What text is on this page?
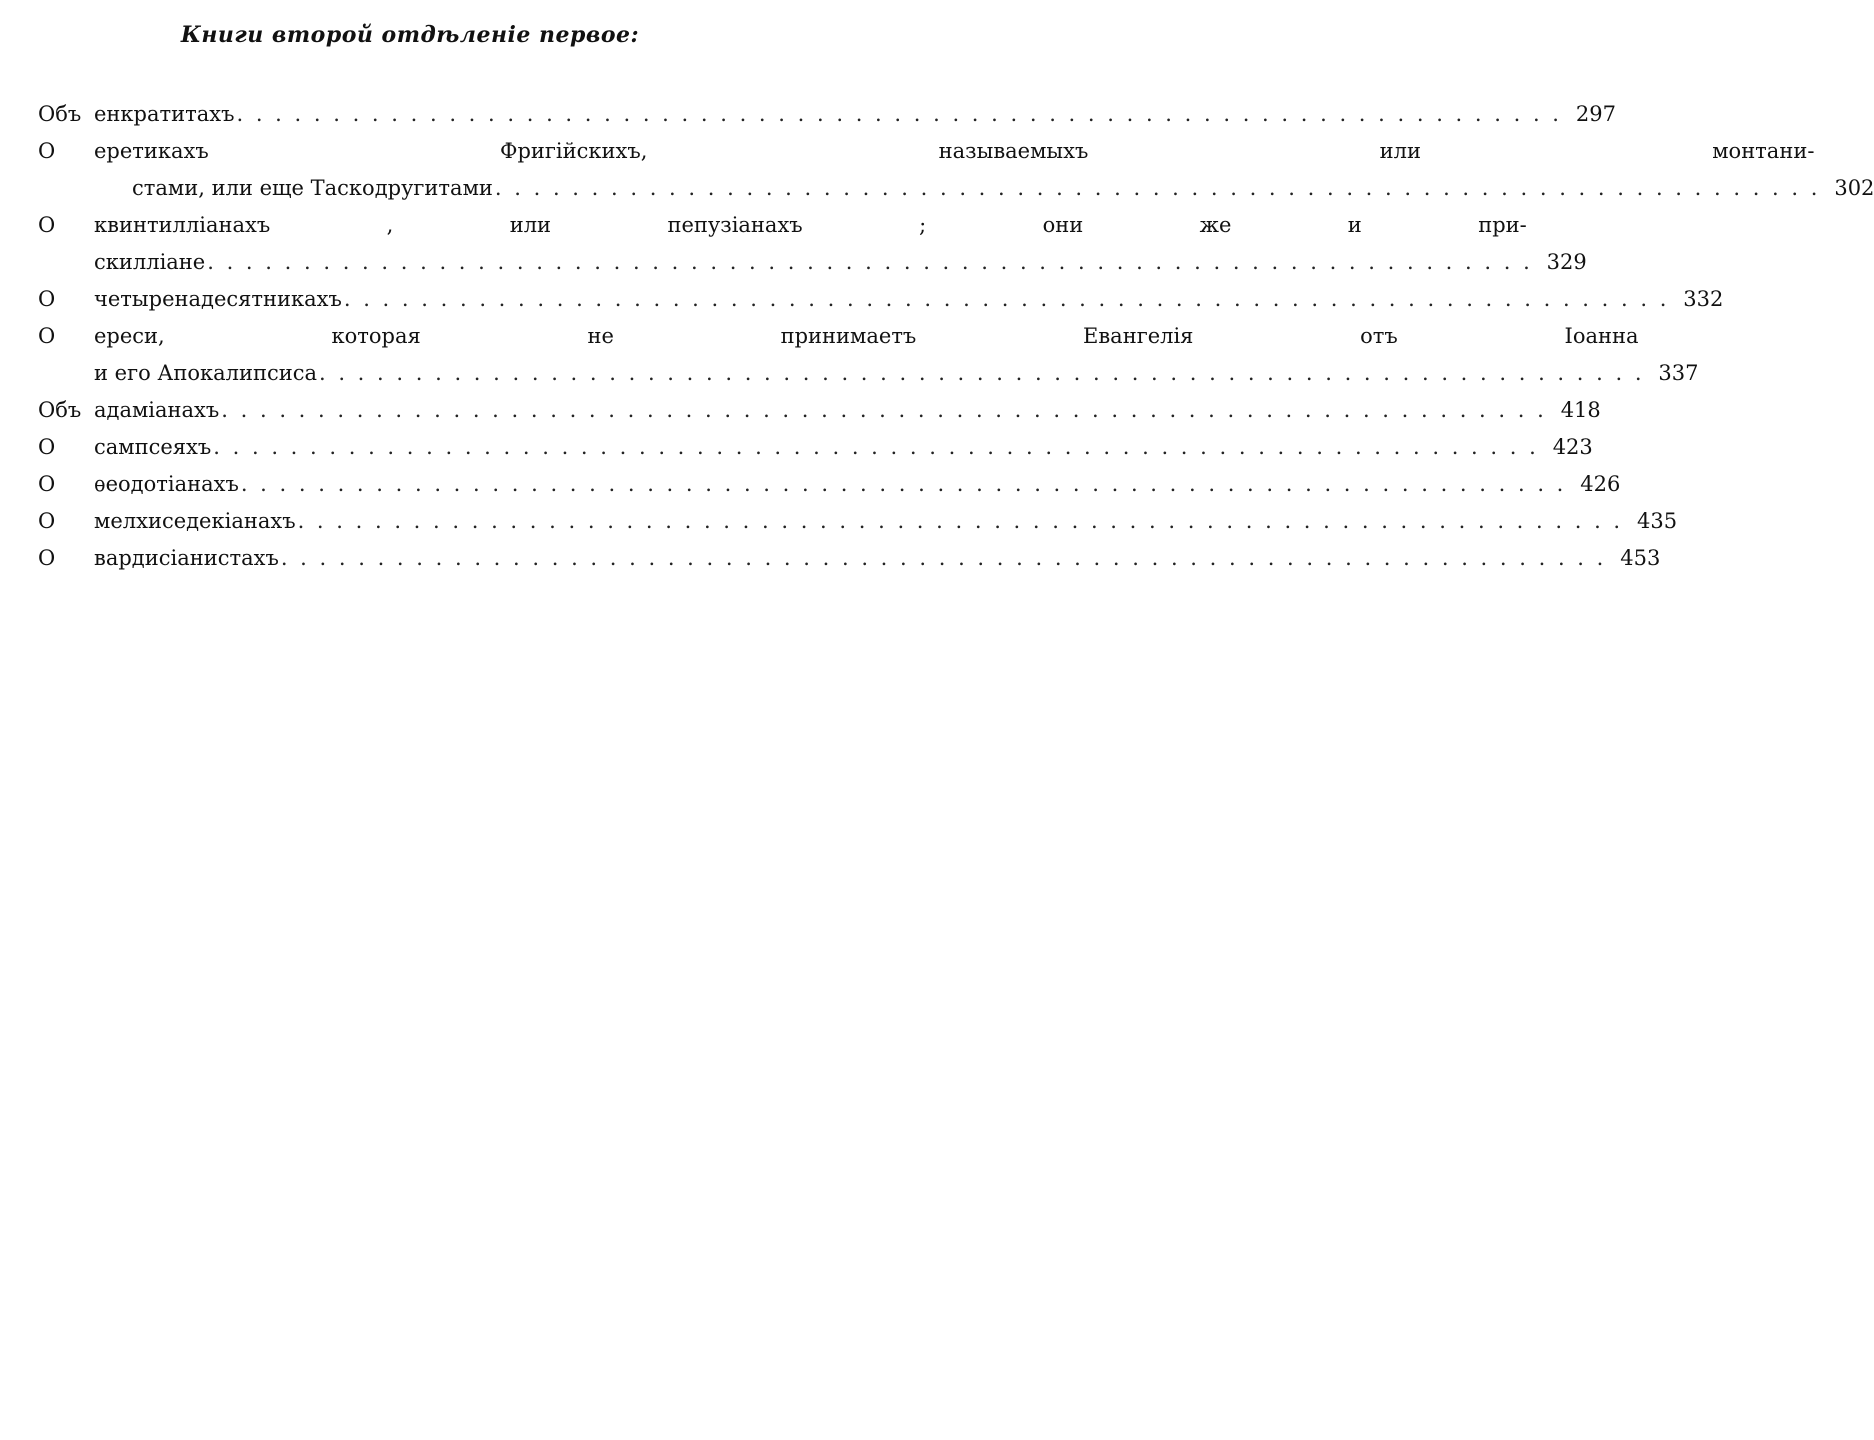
Книги второй отдѣленіе первое:
Объ енкратитахъ . . .	297
О	еретикахъ Фригійскихъ, называемыхъ или монтани-
стами, или еще Таскодругитами . . .	302
О	квинтилліанахъ , или пепузіанахъ ; они же и при-
скилліане . . .	329
О	четыренадесятникахъ . . .	332
О	ереси, которая не принимаетъ Евангелія отъ Іоанна
и его Апокалипсиса . . .	337
Объ адаміанахъ . . .	418
О	сампсеяхъ . . .	423
О	ѳеодотіанахъ . . .	426
О	мелхиседекіанахъ . . .	435
О	вардисіанистахъ . . .	453
